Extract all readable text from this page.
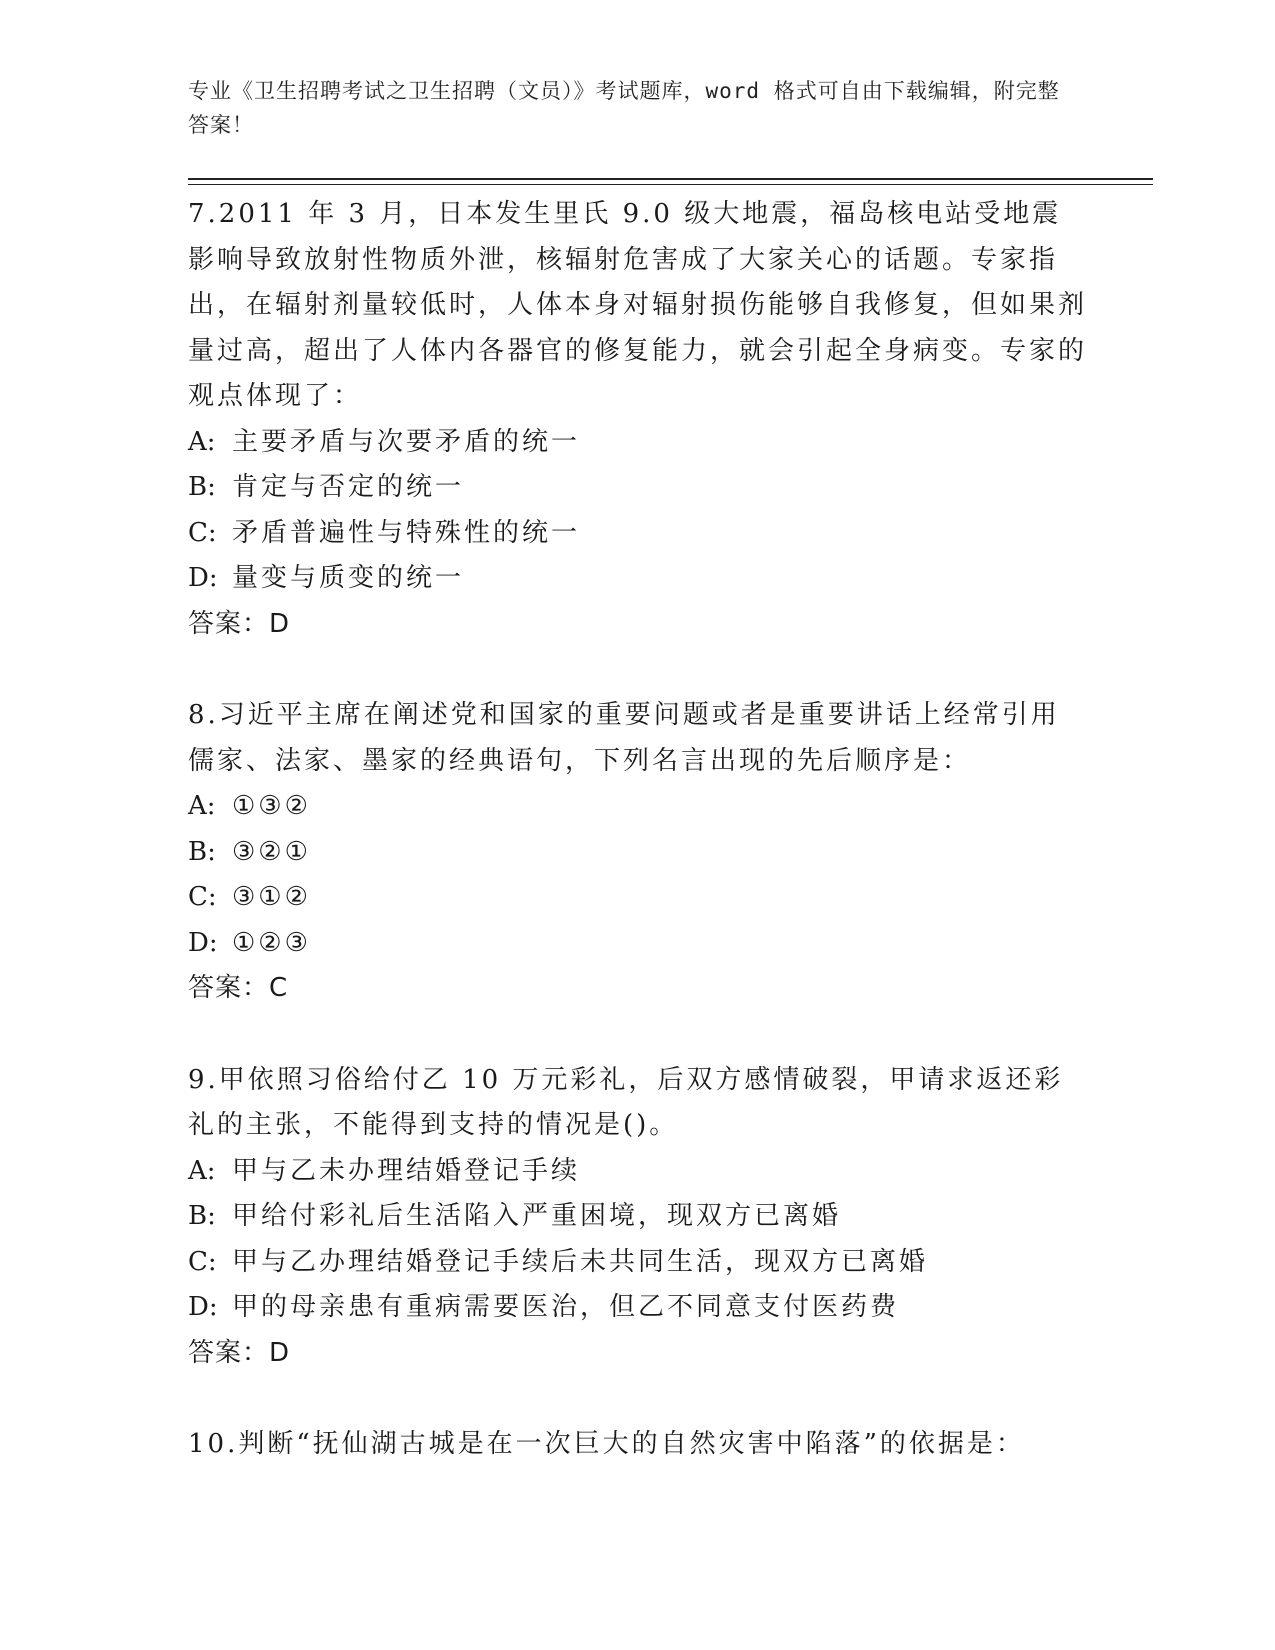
专业《卫生招聘考试之卫生招聘（文员）》考试题库，word 格式可自由下载编辑，附完整答案！

7.2011 年 3 月，日本发生里氏 9.0 级大地震，福岛核电站受地震影响导致放射性物质外泄，核辐射危害成了大家关心的话题。专家指出，在辐射剂量较低时，人体本身对辐射损伤能够自我修复，但如果剂量过高，超出了人体内各器官的修复能力，就会引起全身病变。专家的观点体现了：

A: 主要矛盾与次要矛盾的统一

B: 肯定与否定的统一

C: 矛盾普遍性与特殊性的统一

D: 量变与质变的统一

答案：D

8.习近平主席在阐述党和国家的重要问题或者是重要讲话上经常引用儒家、法家、墨家的经典语句，下列名言出现的先后顺序是：

A: ①③②

B: ③②①

C: ③①②

D: ①②③

答案：C

9.甲依照习俗给付乙 10 万元彩礼，后双方感情破裂，甲请求返还彩礼的主张，不能得到支持的情况是()。

A: 甲与乙未办理结婚登记手续

B: 甲给付彩礼后生活陷入严重困境，现双方已离婚

C: 甲与乙办理结婚登记手续后未共同生活，现双方已离婚

D: 甲的母亲患有重病需要医治，但乙不同意支付医药费

答案：D

10.判断“抚仙湖古城是在一次巨大的自然灾害中陷落”的依据是：
